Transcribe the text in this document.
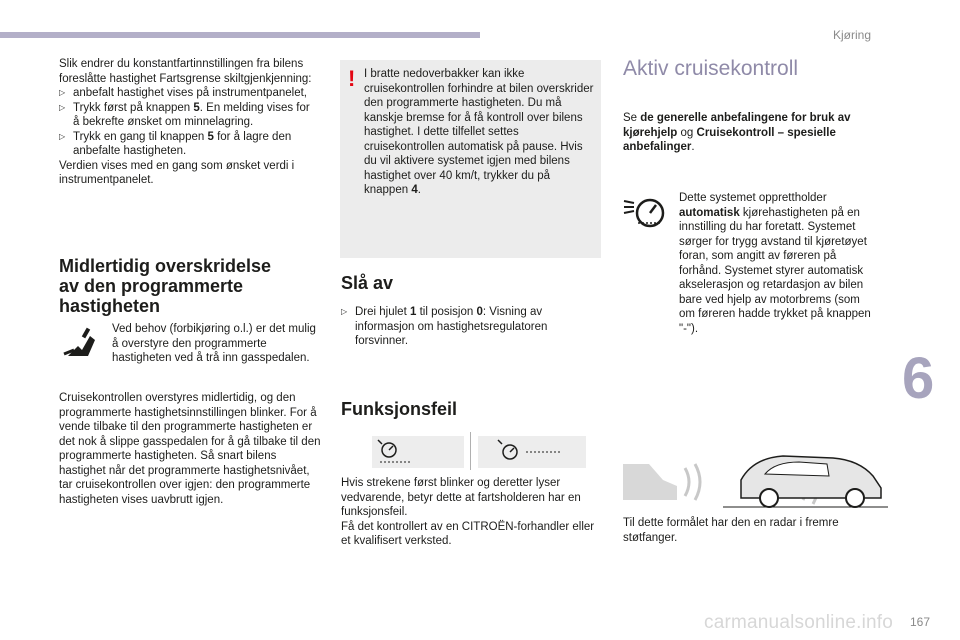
Kjøring
6
167
carmanualsonline.info

Slik endrer du konstantfartinnstillingen fra bilens foreslåtte hastighet Fartsgrense skiltgjenkjenning:

▷ anbefalt hastighet vises på instrumentpanelet,

▷ Trykk først på knappen 5. En melding vises for å bekrefte ønsket om minnelagring.

▷ Trykk en gang til knappen 5 for å lagre den anbefalte hastigheten.

Verdien vises med en gang som ønsket verdi i instrumentpanelet.

Midlertidig overskridelse
av den programmerte
hastigheten
Ved behov (forbikjøring o.l.) er det mulig å overstyre den programmerte hastigheten ved å trå inn gasspedalen.
Cruisekontrollen overstyres midlertidig, og den programmerte hastighetsinnstillingen blinker. For å vende tilbake til den programmerte hastigheten er det nok å slippe gasspedalen for å gå tilbake til den programmerte hastigheten. Så snart bilens hastighet når det programmerte hastighetsnivået, tar cruisekontrollen over igjen: den programmerte hastigheten vises uavbrutt igjen.
! I bratte nedoverbakker kan ikke cruisekontrollen forhindre at bilen overskrider den programmerte hastigheten. Du må kanskje bremse for å få kontroll over bilens hastighet. I dette tilfellet settes cruisekontrollen automatisk på pause. Hvis du vil aktivere systemet igjen med bilens hastighet over 40 km/t, trykker du på knappen 4.
Slå av

▷ Drei hjulet 1 til posisjon 0: Visning av informasjon om hastighetsregulatoren forsvinner.

Funksjonsfeil

Hvis strekene først blinker og deretter lyser vedvarende, betyr dette at fartsholderen har en funksjonsfeil.

Få det kontrollert av en CITROËN-forhandler eller et kvalifisert verksted.

Aktiv cruisekontroll
Se de generelle anbefalingene for bruk av kjørehjelp og Cruisekontroll – spesielle anbefalinger.
Dette systemet opprettholder automatisk kjørehastigheten på en innstilling du har foretatt. Systemet sørger for trygg avstand til kjøretøyet foran, som angitt av føreren på forhånd. Systemet styrer automatisk akselerasjon og retardasjon av bilen bare ved hjelp av motorbrems (som om føreren hadde trykket på knappen "-").
Til dette formålet har den en radar i fremre støtfanger.
